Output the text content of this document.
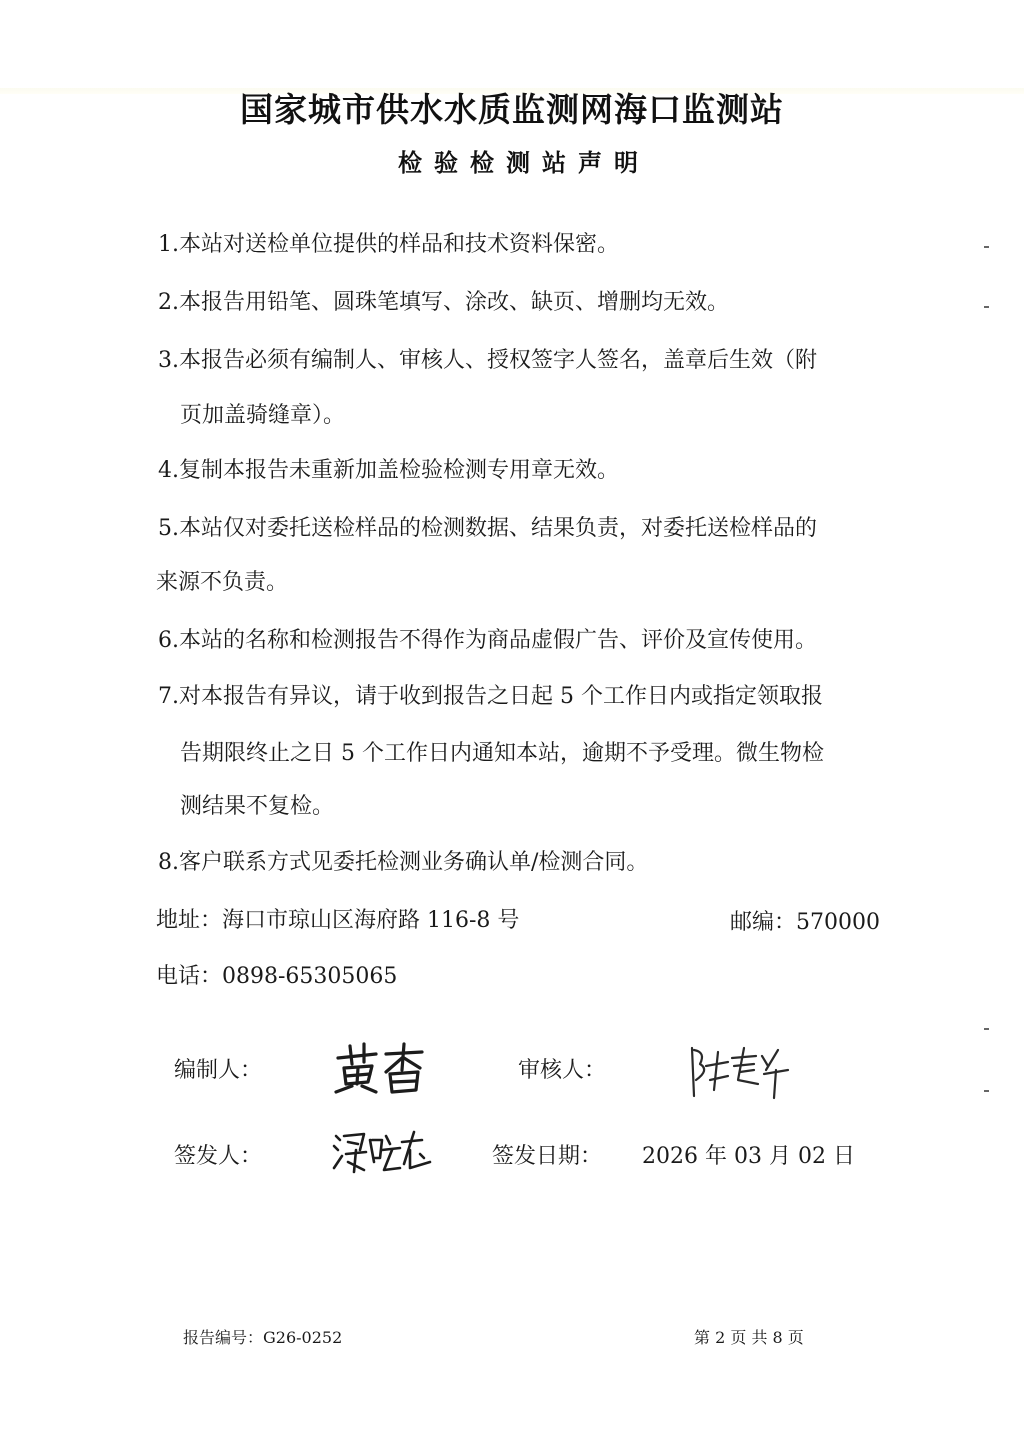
国家城市供水水质监测网海口监测站
检验检测站声明
1.本站对送检单位提供的样品和技术资料保密。
2.本报告用铅笔、圆珠笔填写、涂改、缺页、增删均无效。
3.本报告必须有编制人、审核人、授权签字人签名，盖章后生效（附
页加盖骑缝章）。
4.复制本报告未重新加盖检验检测专用章无效。
5.本站仅对委托送检样品的检测数据、结果负责，对委托送检样品的
来源不负责。
6.本站的名称和检测报告不得作为商品虚假广告、评价及宣传使用。
7.对本报告有异议，请于收到报告之日起 5 个工作日内或指定领取报
告期限终止之日 5 个工作日内通知本站，逾期不予受理。微生物检
测结果不复检。
8.客户联系方式见委托检测业务确认单/检测合同。
地址：海口市琼山区海府路 116-8 号	邮编：570000
电话：0898-65305065
编制人：	审核人：
签发人：	签发日期： 2026 年 03 月 02 日
报告编号：G26-0252	第 2 页 共 8 页
